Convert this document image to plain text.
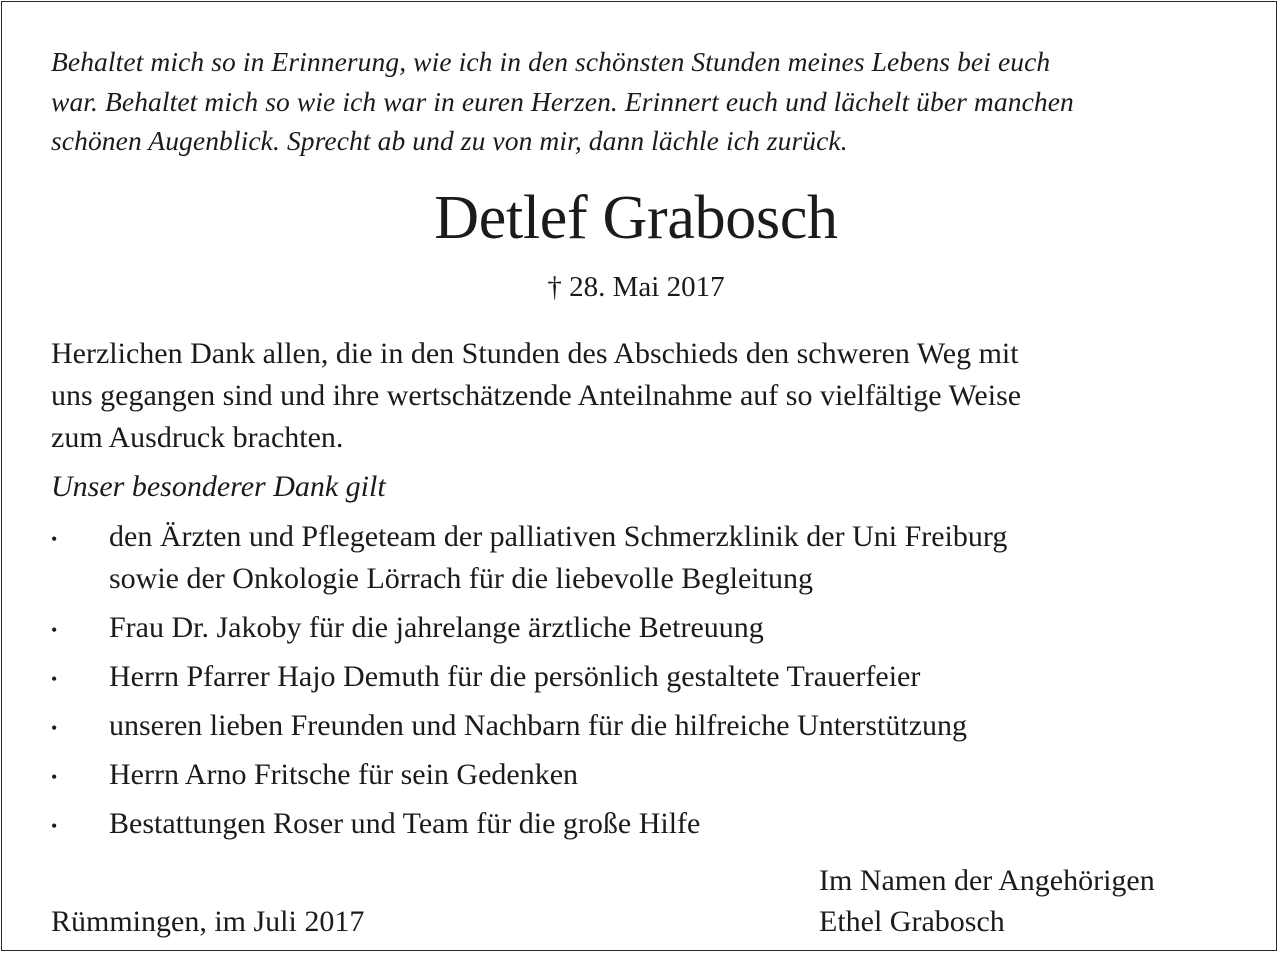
Behaltet mich so in Erinnerung, wie ich in den schönsten Stunden meines Lebens bei euch
war. Behaltet mich so wie ich war in euren Herzen. Erinnert euch und lächelt über manchen
schönen Augenblick. Sprecht ab und zu von mir, dann lächle ich zurück.
Detlef Grabosch
† 28. Mai 2017
Herzlichen Dank allen, die in den Stunden des Abschieds den schweren Weg mit
uns gegangen sind und ihre wertschätzende Anteilnahme auf so vielfältige Weise
zum Ausdruck brachten.
Unser besonderer Dank gilt
• den Ärzten und Pflegeteam der palliativen Schmerzklinik der Uni Freiburg
sowie der Onkologie Lörrach für die liebevolle Begleitung
• Frau Dr. Jakoby für die jahrelange ärztliche Betreuung
• Herrn Pfarrer Hajo Demuth für die persönlich gestaltete Trauerfeier
• unseren lieben Freunden und Nachbarn für die hilfreiche Unterstützung
• Herrn Arno Fritsche für sein Gedenken
• Bestattungen Roser und Team für die große Hilfe
Im Namen der Angehörigen
Ethel Grabosch
Rümmingen, im Juli 2017
